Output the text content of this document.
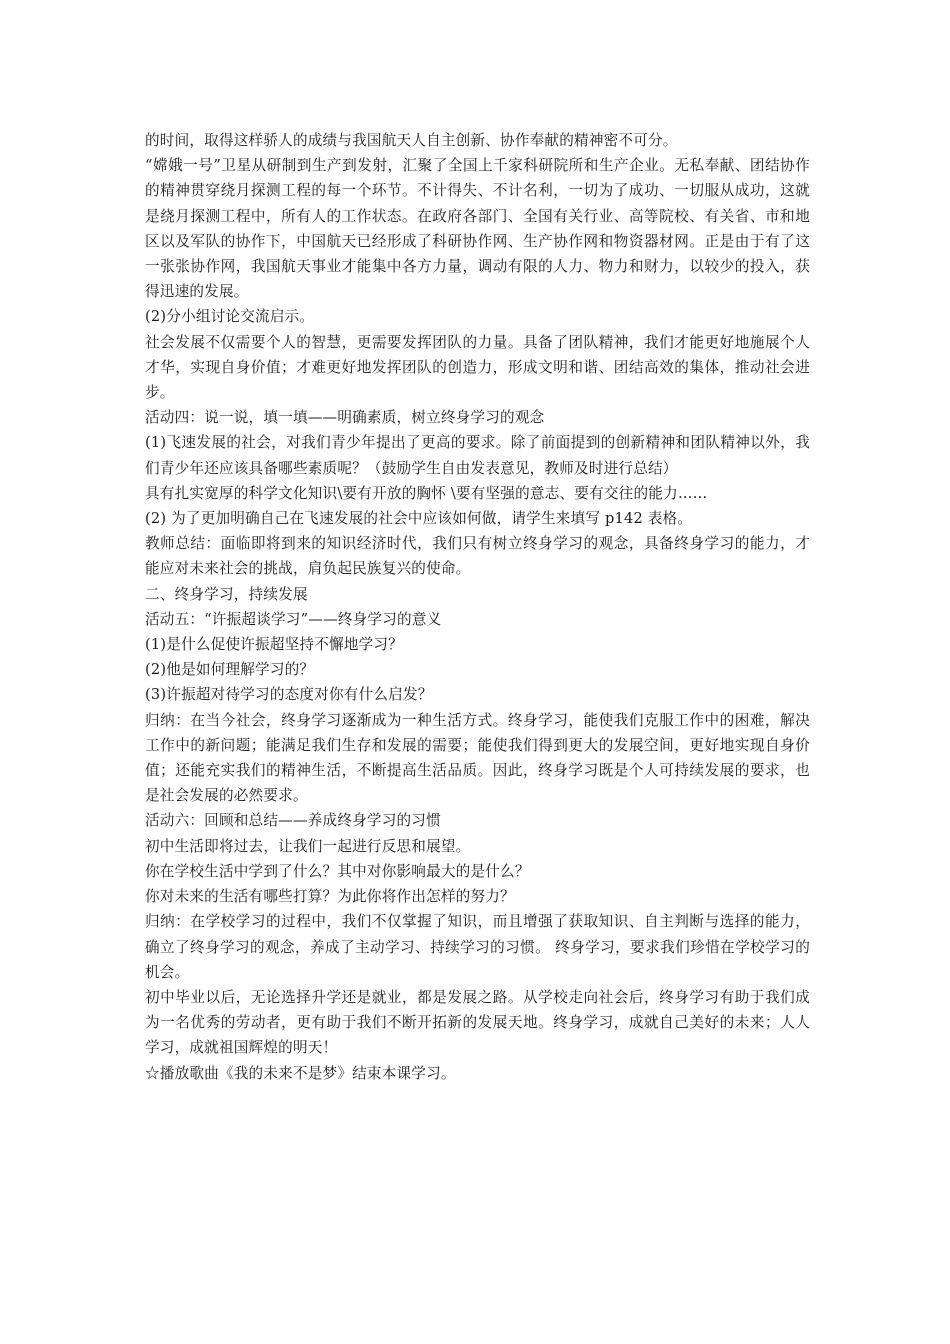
的时间，取得这样骄人的成绩与我国航天人自主创新、协作奉献的精神密不可分。

“嫦娥一号”卫星从研制到生产到发射，汇聚了全国上千家科研院所和生产企业。无私奉献、团结协作的精神贯穿绕月探测工程的每一个环节。不计得失、不计名利，一切为了成功、一切服从成功，这就是绕月探测工程中，所有人的工作状态。在政府各部门、全国有关行业、高等院校、有关省、市和地区以及军队的协作下，中国航天已经形成了科研协作网、生产协作网和物资器材网。正是由于有了这一张张协作网，我国航天事业才能集中各方力量，调动有限的人力、物力和财力，以较少的投入，获得迅速的发展。

(2)分小组讨论交流启示。

社会发展不仅需要个人的智慧，更需要发挥团队的力量。具备了团队精神，我们才能更好地施展个人才华，实现自身价值；才难更好地发挥团队的创造力，形成文明和谐、团结高效的集体，推动社会进步。

活动四：说一说，填一填——明确素质，树立终身学习的观念

(1)飞速发展的社会，对我们青少年提出了更高的要求。除了前面提到的创新精神和团队精神以外，我们青少年还应该具备哪些素质呢？（鼓励学生自由发表意见，教师及时进行总结）

具有扎实宽厚的科学文化知识\要有开放的胸怀 \要有坚强的意志、要有交往的能力……

(2) 为了更加明确自己在飞速发展的社会中应该如何做，请学生来填写 p142 表格。

教师总结：面临即将到来的知识经济时代，我们只有树立终身学习的观念，具备终身学习的能力，才能应对未来社会的挑战，肩负起民族复兴的使命。

二、终身学习，持续发展

活动五：“许振超谈学习”——终身学习的意义

(1)是什么促使许振超坚持不懈地学习？

(2)他是如何理解学习的？

(3)许振超对待学习的态度对你有什么启发？

归纳：在当今社会，终身学习逐渐成为一种生活方式。终身学习，能使我们克服工作中的困难，解决工作中的新问题；能满足我们生存和发展的需要；能使我们得到更大的发展空间，更好地实现自身价值；还能充实我们的精神生活，不断提高生活品质。因此，终身学习既是个人可持续发展的要求，也是社会发展的必然要求。

活动六：回顾和总结——养成终身学习的习惯

初中生活即将过去，让我们一起进行反思和展望。

你在学校生活中学到了什么？其中对你影响最大的是什么？

你对未来的生活有哪些打算？为此你将作出怎样的努力？

归纳：在学校学习的过程中，我们不仅掌握了知识，而且增强了获取知识、自主判断与选择的能力，确立了终身学习的观念，养成了主动学习、持续学习的习惯。 终身学习，要求我们珍惜在学校学习的机会。

初中毕业以后，无论选择升学还是就业，都是发展之路。从学校走向社会后，终身学习有助于我们成为一名优秀的劳动者，更有助于我们不断开拓新的发展天地。终身学习，成就自己美好的未来；人人学习，成就祖国辉煌的明天！

☆播放歌曲《我的未来不是梦》结束本课学习。
